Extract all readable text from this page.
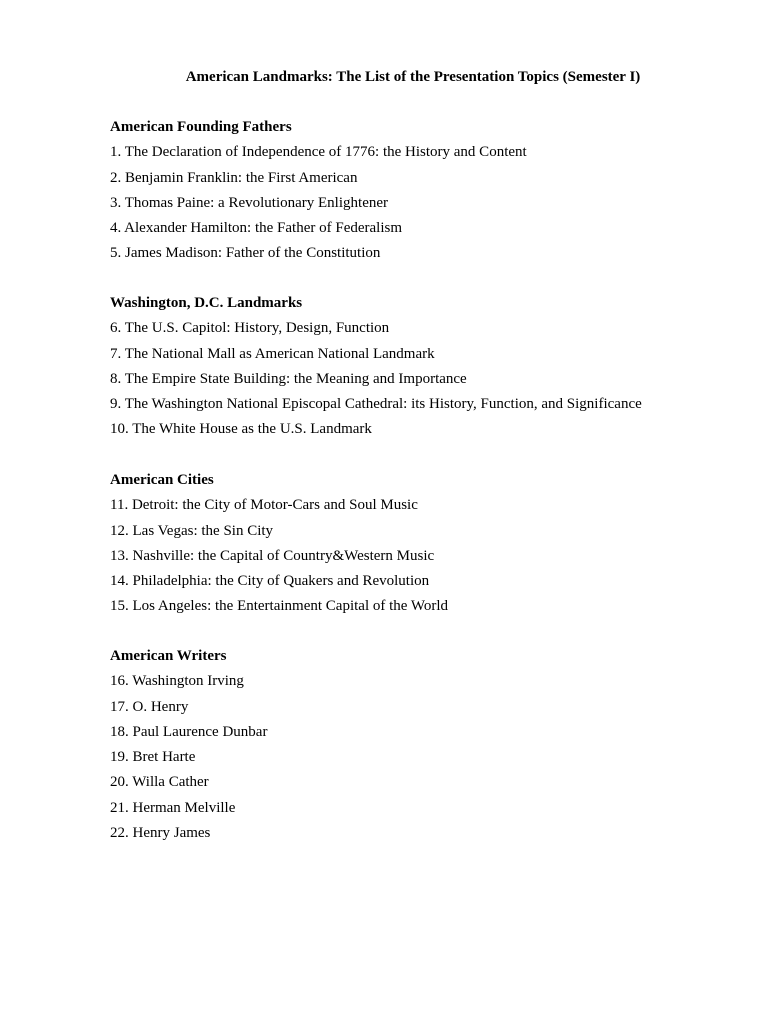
American Landmarks: The List of the Presentation Topics (Semester I)
American Founding Fathers
1. The Declaration of Independence of 1776: the History and Content
2. Benjamin Franklin: the First American
3. Thomas Paine: a Revolutionary Enlightener
4. Alexander Hamilton: the Father of Federalism
5. James Madison: Father of the Constitution
Washington, D.C. Landmarks
6. The U.S. Capitol: History, Design, Function
7. The National Mall as American National Landmark
8. The Empire State Building: the Meaning and Importance
9. The Washington National Episcopal Cathedral: its History, Function, and Significance
10. The White House as the U.S. Landmark
American Cities
11. Detroit: the City of Motor-Cars and Soul Music
12. Las Vegas: the Sin City
13. Nashville: the Capital of Country&Western Music
14. Philadelphia: the City of Quakers and Revolution
15. Los Angeles: the Entertainment Capital of the World
American Writers
16. Washington Irving
17. O. Henry
18. Paul Laurence Dunbar
19. Bret Harte
20. Willa Cather
21. Herman Melville
22. Henry James
